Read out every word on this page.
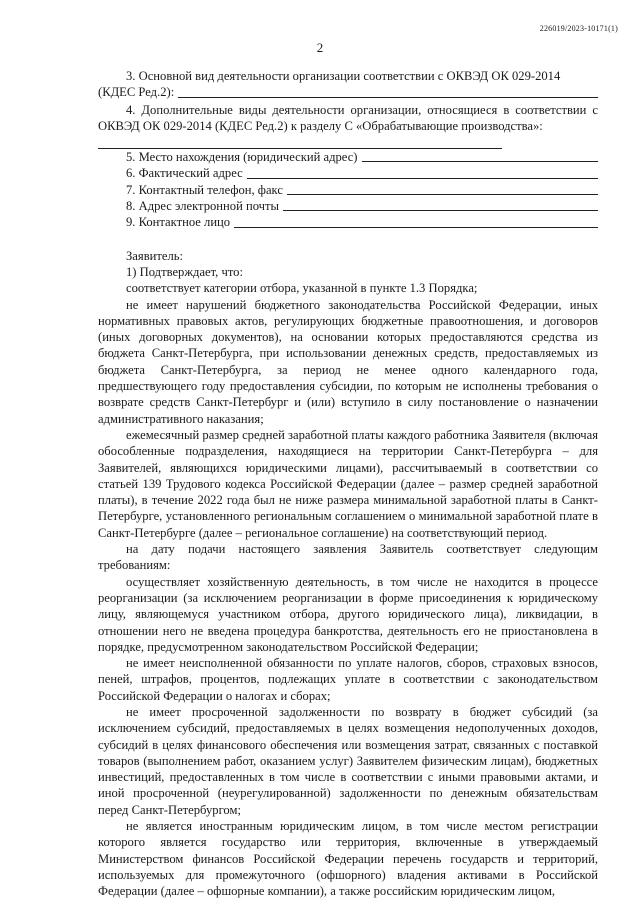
226019/2023-10171(1)
2

3. Основной вид деятельности организации соответствии с ОКВЭД ОК 029-2014

(КДЕС Ред.2):

4. Дополнительные виды деятельности организации, относящиеся в соответствии с ОКВЭД ОК 029-2014 (КДЕС Ред.2) к разделу С «Обрабатывающие производства»:

5. Место нахождения (юридический адрес)
6. Фактический адрес
7. Контактный телефон, факс
8. Адрес электронной почты
9. Контактное лицо

Заявитель:

1) Подтверждает, что:

соответствует категории отбора, указанной в пункте 1.3 Порядка;

не имеет нарушений бюджетного законодательства Российской Федерации, иных нормативных правовых актов, регулирующих бюджетные правоотношения, и договоров (иных договорных документов), на основании которых предоставляются средства из бюджета Санкт-Петербурга, при использовании денежных средств, предоставляемых из бюджета Санкт-Петербурга, за период не менее одного календарного года, предшествующего году предоставления субсидии, по которым не исполнены требования о возврате средств Санкт-Петербург и (или) вступило в силу постановление о назначении административного наказания;

ежемесячный размер средней заработной платы каждого работника Заявителя (включая обособленные подразделения, находящиеся на территории Санкт-Петербурга – для Заявителей, являющихся юридическими лицами), рассчитываемый в соответствии со статьей 139 Трудового кодекса Российской Федерации (далее – размер средней заработной платы), в течение 2022 года был не ниже размера минимальной заработной платы в Санкт-Петербурге, установленного региональным соглашением о минимальной заработной плате в Санкт-Петербурге (далее – региональное соглашение) на соответствующий период.

на дату подачи настоящего заявления Заявитель соответствует следующим требованиям:

осуществляет хозяйственную деятельность, в том числе не находится в процессе реорганизации (за исключением реорганизации в форме присоединения к юридическому лицу, являющемуся участником отбора, другого юридического лица), ликвидации, в отношении него не введена процедура банкротства, деятельность его не приостановлена в порядке, предусмотренном законодательством Российской Федерации;

не имеет неисполненной обязанности по уплате налогов, сборов, страховых взносов, пеней, штрафов, процентов, подлежащих уплате в соответствии с законодательством Российской Федерации о налогах и сборах;

не имеет просроченной задолженности по возврату в бюджет субсидий (за исключением субсидий, предоставляемых в целях возмещения недополученных доходов, субсидий в целях финансового обеспечения или возмещения затрат, связанных с поставкой товаров (выполнением работ, оказанием услуг) Заявителем физическим лицам), бюджетных инвестиций, предоставленных в том числе в соответствии с иными правовыми актами, и иной просроченной (неурегулированной) задолженности по денежным обязательствам перед Санкт-Петербургом;

не является иностранным юридическим лицом, в том числе местом регистрации которого является государство или территория, включенные в утверждаемый Министерством финансов Российской Федерации перечень государств и территорий, используемых для промежуточного (офшорного) владения активами в Российской Федерации (далее – офшорные компании), а также российским юридическим лицом,
